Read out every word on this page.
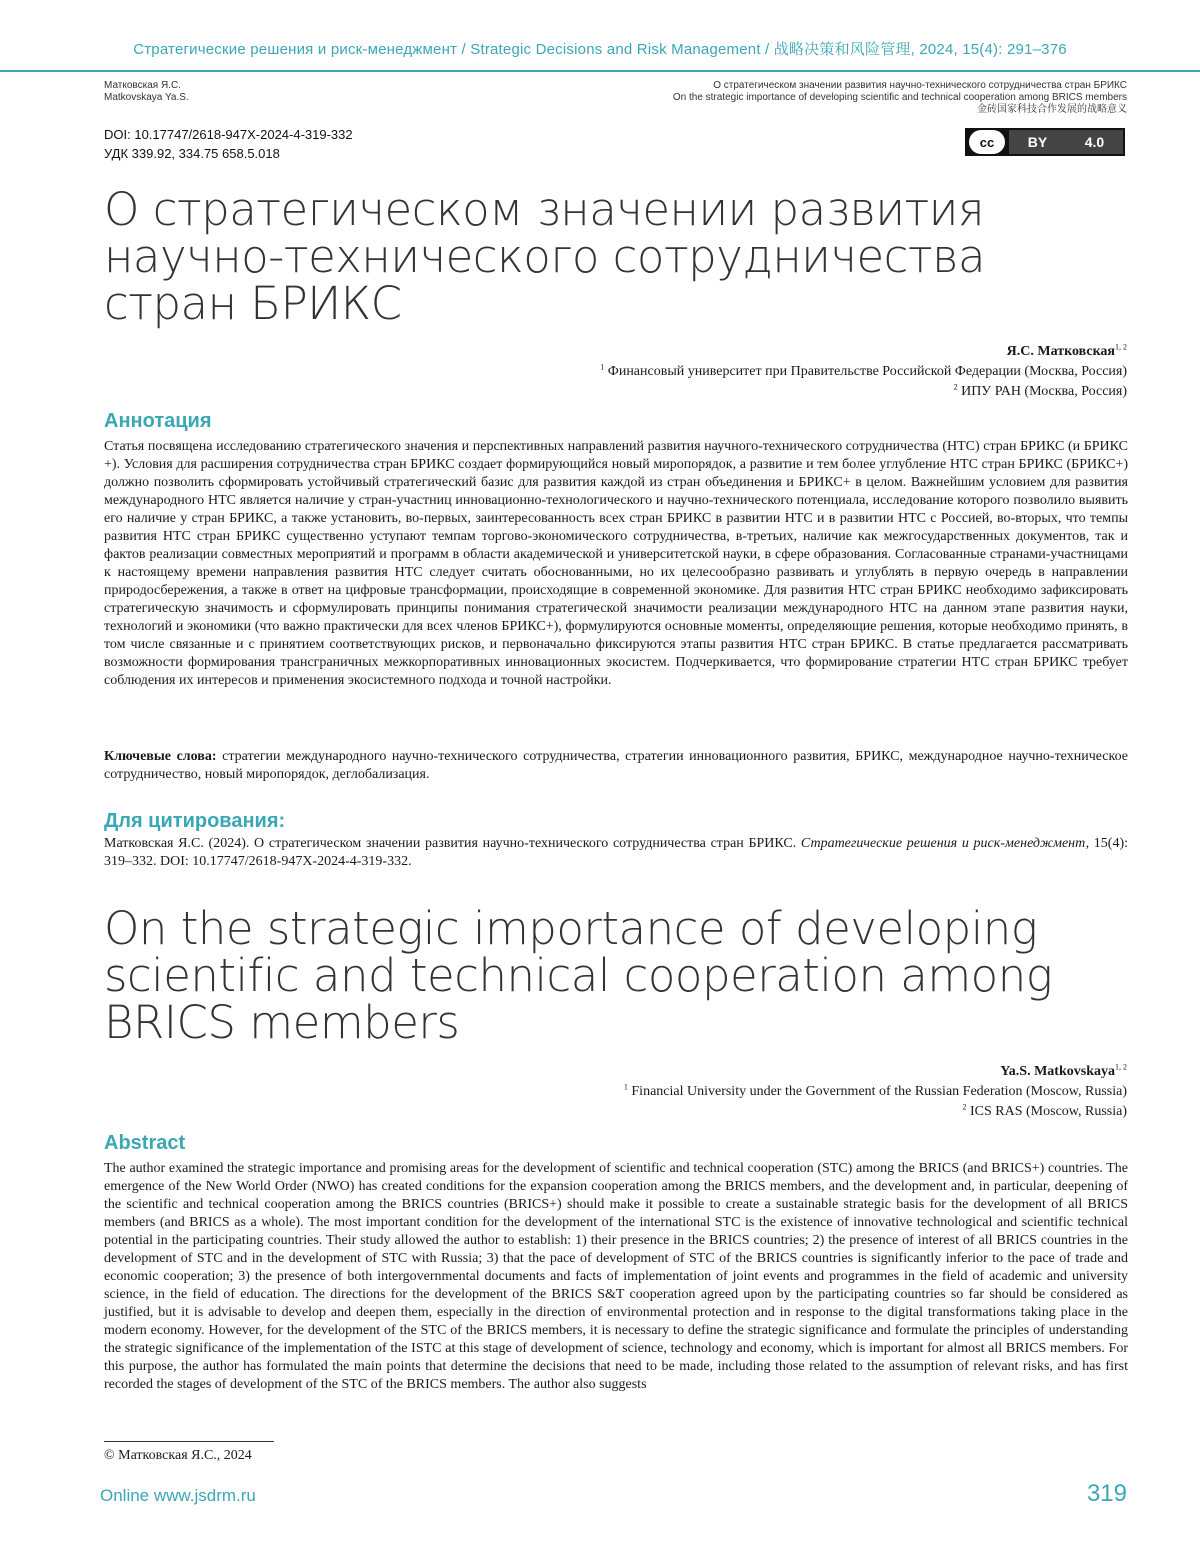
Стратегические решения и риск-менеджмент / Strategic Decisions and Risk Management / 战略决策和风险管理, 2024, 15(4): 291–376
Матковская Я.С.
Matkovskaya Ya.S.
О стратегическом значении развития научно-технического сотрудничества стран БРИКС
On the strategic importance of developing scientific and technical cooperation among BRICS members
金砖国家科技合作发展的战略意义
DOI: 10.17747/2618-947X-2024-4-319-332
УДК 339.92, 334.75 658.5.018
cc	BY	4.0
О стратегическом значении развития научно-технического сотрудничества стран БРИКС
Я.С. Матковская$^{1, 2}$
$^1$ Финансовый университет при Правительстве Российской Федерации (Москва, Россия)
$^2$ ИПУ РАН (Москва, Россия)
Аннотация

Статья посвящена исследованию стратегического значения и перспективных направлений развития научного-технического сотрудничества (НТС) стран БРИКС (и БРИКС +). Условия для расширения сотрудничества стран БРИКС создает формирующийся новый миропорядок, а развитие и тем более углубление НТС стран БРИКС (БРИКС+) должно позволить сформировать устойчивый стратегический базис для развития каждой из стран объединения и БРИКС+ в целом. Важнейшим условием для развития международного НТС является наличие у стран-участниц инновационно-технологического и научно-технического потенциала, исследование которого позволило выявить его наличие у стран БРИКС, а также установить, во-первых, заинтересованность всех стран БРИКС в развитии НТС и в развитии НТС с Россией, во-вторых, что темпы развития НТС стран БРИКС существенно уступают темпам торгово-экономического сотрудничества, в-третьих, наличие как межгосударственных документов, так и фактов реализации совместных мероприятий и программ в области академической и университетской науки, в сфере образования. Согласованные странами-участницами к настоящему времени направления развития НТС следует считать обоснованными, но их целесообразно развивать и углублять в первую очередь в направлении природосбережения, а также в ответ на цифровые трансформации, происходящие в современной экономике. Для развития НТС стран БРИКС необходимо зафиксировать стратегическую значимость и сформулировать принципы понимания стратегической значимости реализации международного НТС на данном этапе развития науки, технологий и экономики (что важно практически для всех членов БРИКС+), формулируются основные моменты, определяющие решения, которые необходимо принять, в том числе связанные и с принятием соответствующих рисков, и первоначально фиксируются этапы развития НТС стран БРИКС. В статье предлагается рассматривать возможности формирования трансграничных межкорпоративных инновационных экосистем. Подчеркивается, что формирование стратегии НТС стран БРИКС требует соблюдения их интересов и применения экосистемного подхода и точной настройки.

Ключевые слова: стратегии международного научно-технического сотрудничества, стратегии инновационного развития, БРИКС, международное научно-техническое сотрудничество, новый миропорядок, деглобализация.

Для цитирования:

Матковская Я.С. (2024). О стратегическом значении развития научно-технического сотрудничества стран БРИКС. Стратегические решения и риск-менеджмент, 15(4): 319–332. DOI: 10.17747/2618-947X-2024-4-319-332.

On the strategic importance of developing scientific and technical cooperation among BRICS members
Ya.S. Matkovskaya$^{1, 2}$
$^1$ Financial University under the Government of the Russian Federation (Moscow, Russia)
$^2$ ICS RAS (Moscow, Russia)
Abstract

The author examined the strategic importance and promising areas for the development of scientific and technical cooperation (STC) among the BRICS (and BRICS+) countries. The emergence of the New World Order (NWO) has created conditions for the expansion cooperation among the BRICS members, and the development and, in particular, deepening of the scientific and technical cooperation among the BRICS countries (BRICS+) should make it possible to create a sustainable strategic basis for the development of all BRICS members (and BRICS as a whole). The most important condition for the development of the international STC is the existence of innovative technological and scientific technical potential in the participating countries. Their study allowed the author to establish: 1) their presence in the BRICS countries; 2) the presence of interest of all BRICS countries in the development of STC and in the development of STC with Russia; 3) that the pace of development of STC of the BRICS countries is significantly inferior to the pace of trade and economic cooperation; 3) the presence of both intergovernmental documents and facts of implementation of joint events and programmes in the field of academic and university science, in the field of education. The directions for the development of the BRICS S&T cooperation agreed upon by the participating countries so far should be considered as justified, but it is advisable to develop and deepen them, especially in the direction of environmental protection and in response to the digital transformations taking place in the modern economy. However, for the development of the STC of the BRICS members, it is necessary to define the strategic significance and formulate the principles of understanding the strategic significance of the implementation of the ISTC at this stage of development of science, technology and economy, which is important for almost all BRICS members. For this purpose, the author has formulated the main points that determine the decisions that need to be made, including those related to the assumption of relevant risks, and has first recorded the stages of development of the STC of the BRICS members. The author also suggests

© Матковская Я.С., 2024
Online www.jsdrm.ru	319
